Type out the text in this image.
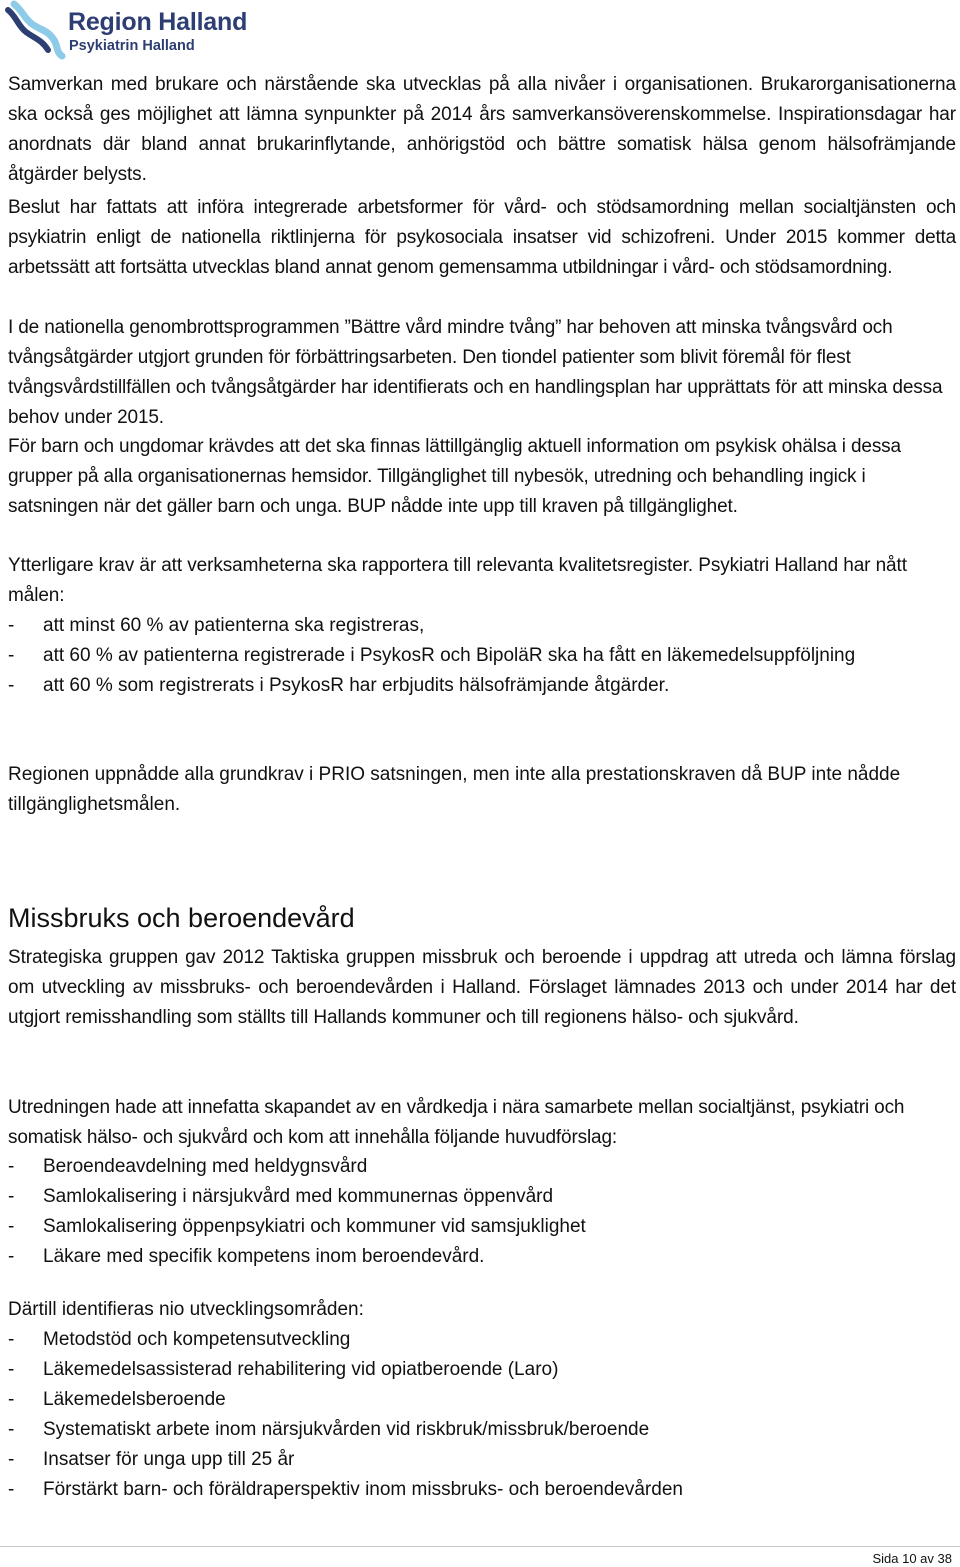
Region Halland
Psykiatrin Halland

Samverkan med brukare och närstående ska utvecklas på alla nivåer i organisationen. Brukarorganisationerna ska också ges möjlighet att lämna synpunkter på 2014 års samverkansöverenskommelse. Inspirationsdagar har anordnats där bland annat brukarinflytande, anhörigstöd och bättre somatisk hälsa genom hälsofrämjande åtgärder belysts.

Beslut har fattats att införa integrerade arbetsformer för vård- och stödsamordning mellan socialtjänsten och psykiatrin enligt de nationella riktlinjerna för psykosociala insatser vid schizofreni. Under 2015 kommer detta arbetssätt att fortsätta utvecklas bland annat genom gemensamma utbildningar i vård- och stödsamordning.

I de nationella genombrottsprogrammen ”Bättre vård mindre tvång” har behoven att minska tvångsvård och tvångsåtgärder utgjort grunden för förbättringsarbeten. Den tiondel patienter som blivit föremål för flest tvångsvårdstillfällen och tvångsåtgärder har identifierats och en handlingsplan har upprättats för att minska dessa behov under 2015.

För barn och ungdomar krävdes att det ska finnas lättillgänglig aktuell information om psykisk ohälsa i dessa grupper på alla organisationernas hemsidor. Tillgänglighet till nybesök, utredning och behandling ingick i satsningen när det gäller barn och unga. BUP nådde inte upp till kraven på tillgänglighet.

Ytterligare krav är att verksamheterna ska rapportera till relevanta kvalitetsregister. Psykiatri Halland har nått målen:

- att minst 60 % av patienterna ska registreras,
- att 60 % av patienterna registrerade i PsykosR och BipoläR ska ha fått en läkemedelsuppföljning
- att 60 % som registrerats i PsykosR har erbjudits hälsofrämjande åtgärder.

Regionen uppnådde alla grundkrav i PRIO satsningen, men inte alla prestationskraven då BUP inte nådde tillgänglighetsmålen.

Missbruks och beroendevård

Strategiska gruppen gav 2012 Taktiska gruppen missbruk och beroende i uppdrag att utreda och lämna förslag om utveckling av missbruks- och beroendevården i Halland. Förslaget lämnades 2013 och under 2014 har det utgjort remisshandling som ställts till Hallands kommuner och till regionens hälso- och sjukvård.

Utredningen hade att innefatta skapandet av en vårdkedja i nära samarbete mellan socialtjänst, psykiatri och somatisk hälso- och sjukvård och kom att innehålla följande huvudförslag:

- Beroendeavdelning med heldygnsvård
- Samlokalisering i närsjukvård med kommunernas öppenvård
- Samlokalisering öppenpsykiatri och kommuner vid samsjuklighet
- Läkare med specifik kompetens inom beroendevård.

Därtill identifieras nio utvecklingsområden:

- Metodstöd och kompetensutveckling
- Läkemedelsassisterad rehabilitering vid opiatberoende (Laro)
- Läkemedelsberoende
- Systematiskt arbete inom närsjukvården vid riskbruk/missbruk/beroende
- Insatser för unga upp till 25 år
- Förstärkt barn- och föräldraperspektiv inom missbruks- och beroendevården
Sida 10 av 38
